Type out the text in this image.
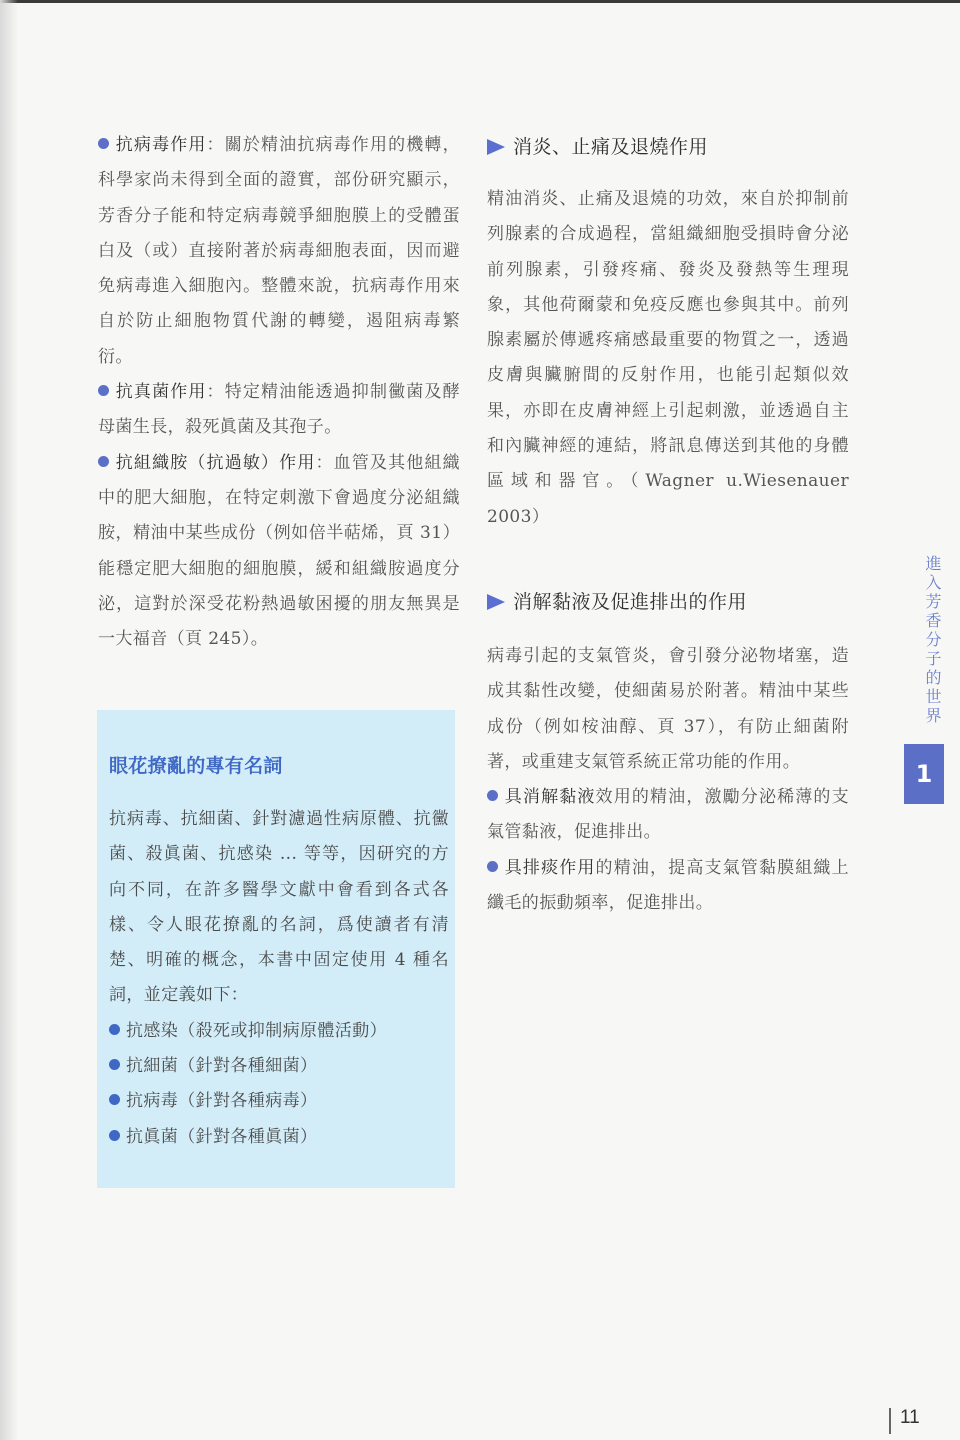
抗病毒作用：關於精油抗病毒作用的機轉，科學家尚未得到全面的證實，部份研究顯示，芳香分子能和特定病毒競爭細胞膜上的受體蛋白及（或）直接附著於病毒細胞表面，因而避免病毒進入細胞內。整體來說，抗病毒作用來自於防止細胞物質代謝的轉變，遏阻病毒繁衍。
抗真菌作用：特定精油能透過抑制黴菌及酵母菌生長，殺死眞菌及其孢子。
抗組織胺（抗過敏）作用：血管及其他組織中的肥大細胞，在特定刺激下會過度分泌組織胺，精油中某些成份（例如倍半萜烯，頁 31）能穩定肥大細胞的細胞膜，緩和組織胺過度分泌，這對於深受花粉熱過敏困擾的朋友無異是一大福音（頁 245）。
眼花撩亂的專有名詞

抗病毒、抗細菌、針對濾過性病原體、抗黴菌、殺眞菌、抗感染 ... 等等，因研究的方向不同，在許多醫學文獻中會看到各式各樣、令人眼花撩亂的名詞，爲使讀者有清楚、明確的概念，本書中固定使用 4 種名詞，並定義如下：

抗感染（殺死或抑制病原體活動）
抗細菌（針對各種細菌）
抗病毒（針對各種病毒）
抗眞菌（針對各種眞菌）
消炎、止痛及退燒作用

精油消炎、止痛及退燒的功效，來自於抑制前列腺素的合成過程，當組織細胞受損時會分泌前列腺素，引發疼痛、發炎及發熱等生理現象，其他荷爾蒙和免疫反應也參與其中。前列腺素屬於傳遞疼痛感最重要的物質之一，透過皮膚與臟腑間的反射作用，也能引起類似效果，亦即在皮膚神經上引起刺激，並透過自主和內臟神經的連結，將訊息傳送到其他的身體區域和器官。（Wagner u.Wiesenauer 2003）

消解黏液及促進排出的作用

病毒引起的支氣管炎，會引發分泌物堵塞，造成其黏性改變，使細菌易於附著。精油中某些成份（例如桉油醇、頁 37），有防止細菌附著，或重建支氣管系統正常功能的作用。

具消解黏液效用的精油，激勵分泌稀薄的支氣管黏液，促進排出。
具排痰作用的精油，提高支氣管黏膜組織上纖毛的振動頻率，促進排出。
進入芳香分子的世界
1
11
